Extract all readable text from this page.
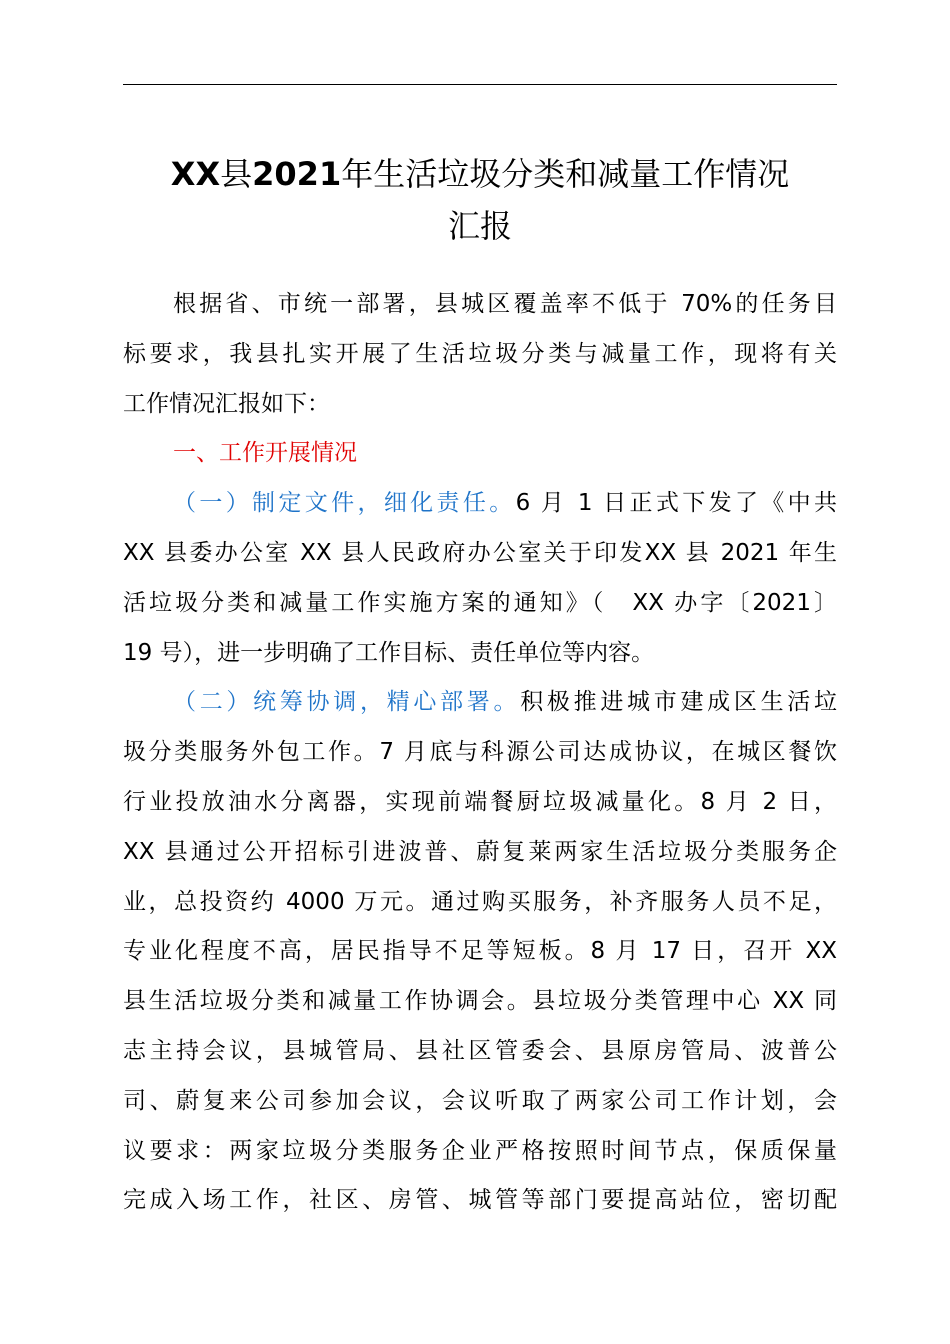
XX县2021年生活垃圾分类和减量工作情况
汇报
根据省、市统一部署，县城区覆盖率不低于 70%的任务目
标要求，我县扎实开展了生活垃圾分类与减量工作，现将有关
工作情况汇报如下：
一、工作开展情况
（一）制定文件，细化责任。6 月 1 日正式下发了《中共
XX 县委办公室 XX 县人民政府办公室关于印发XX 县 2021 年生
活垃圾分类和减量工作实施方案的通知》（　XX 办字〔2021〕
19 号），进一步明确了工作目标、责任单位等内容。
（二）统筹协调，精心部署。积极推进城市建成区生活垃
圾分类服务外包工作。7 月底与科源公司达成协议，在城区餐饮
行业投放油水分离器，实现前端餐厨垃圾减量化。8 月 2 日，
XX 县通过公开招标引进波普、蔚复莱两家生活垃圾分类服务企
业，总投资约 4000 万元。通过购买服务，补齐服务人员不足，
专业化程度不高，居民指导不足等短板。8 月 17 日，召开 XX
县生活垃圾分类和减量工作协调会。县垃圾分类管理中心 XX 同
志主持会议，县城管局、县社区管委会、县原房管局、波普公
司、蔚复来公司参加会议，会议听取了两家公司工作计划，会
议要求：两家垃圾分类服务企业严格按照时间节点，保质保量
完成入场工作，社区、房管、城管等部门要提高站位，密切配
